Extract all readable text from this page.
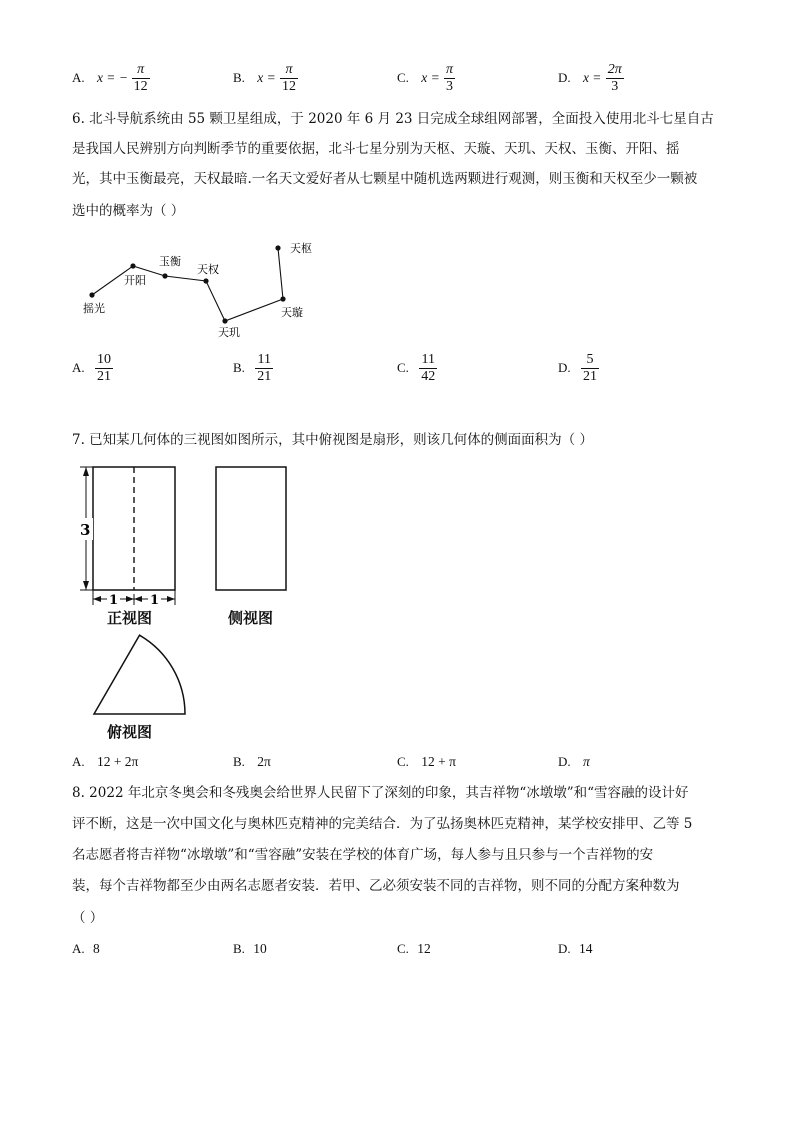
A. x = − $\frac{\pi}{12}$	B. $x = \frac{\pi}{12}$	C. $x = \frac{\pi}{3}$	D. $x = \frac{2\pi}{3}$
6. 北斗导航系统由 55 颗卫星组成，于 2020 年 6 月 23 日完成全球组网部署，全面投入使用北斗七星自古
是我国人民辨别方向判断季节的重要依据，北斗七星分别为天枢、天璇、天玑、天权、玉衡、开阳、摇
光，其中玉衡最亮，天权最暗.一名天文爱好者从七颗星中随机选两颗进行观测，则玉衡和天权至少一颗被
选中的概率为（ ）
摇光
开阳
玉衡
天权
天玑
天璇
天枢
A. $\frac{10}{21}$	B. $\frac{11}{21}$	C. $\frac{11}{42}$	D. $\frac{5}{21}$
7. 已知某几何体的三视图如图所示，其中俯视图是扇形，则该几何体的侧面面积为（ ）
3
1 1
正视图	侧视图
俯视图
A. 12 + 2π	B. 2π	C. 12 + π	D. π
8. 2022 年北京冬奥会和冬残奥会给世界人民留下了深刻的印象，其吉祥物“冰墩墩”和“雪容融的设计好
评不断，这是一次中国文化与奥林匹克精神的完美结合．为了弘扬奥林匹克精神，某学校安排甲、乙等 5
名志愿者将吉祥物“冰墩墩”和“雪容融”安装在学校的体育广场，每人参与且只参与一个吉祥物的安
装，每个吉祥物都至少由两名志愿者安装．若甲、乙必须安装不同的吉祥物，则不同的分配方案种数为
（ ）
A. 8	B. 10	C. 12	D. 14
